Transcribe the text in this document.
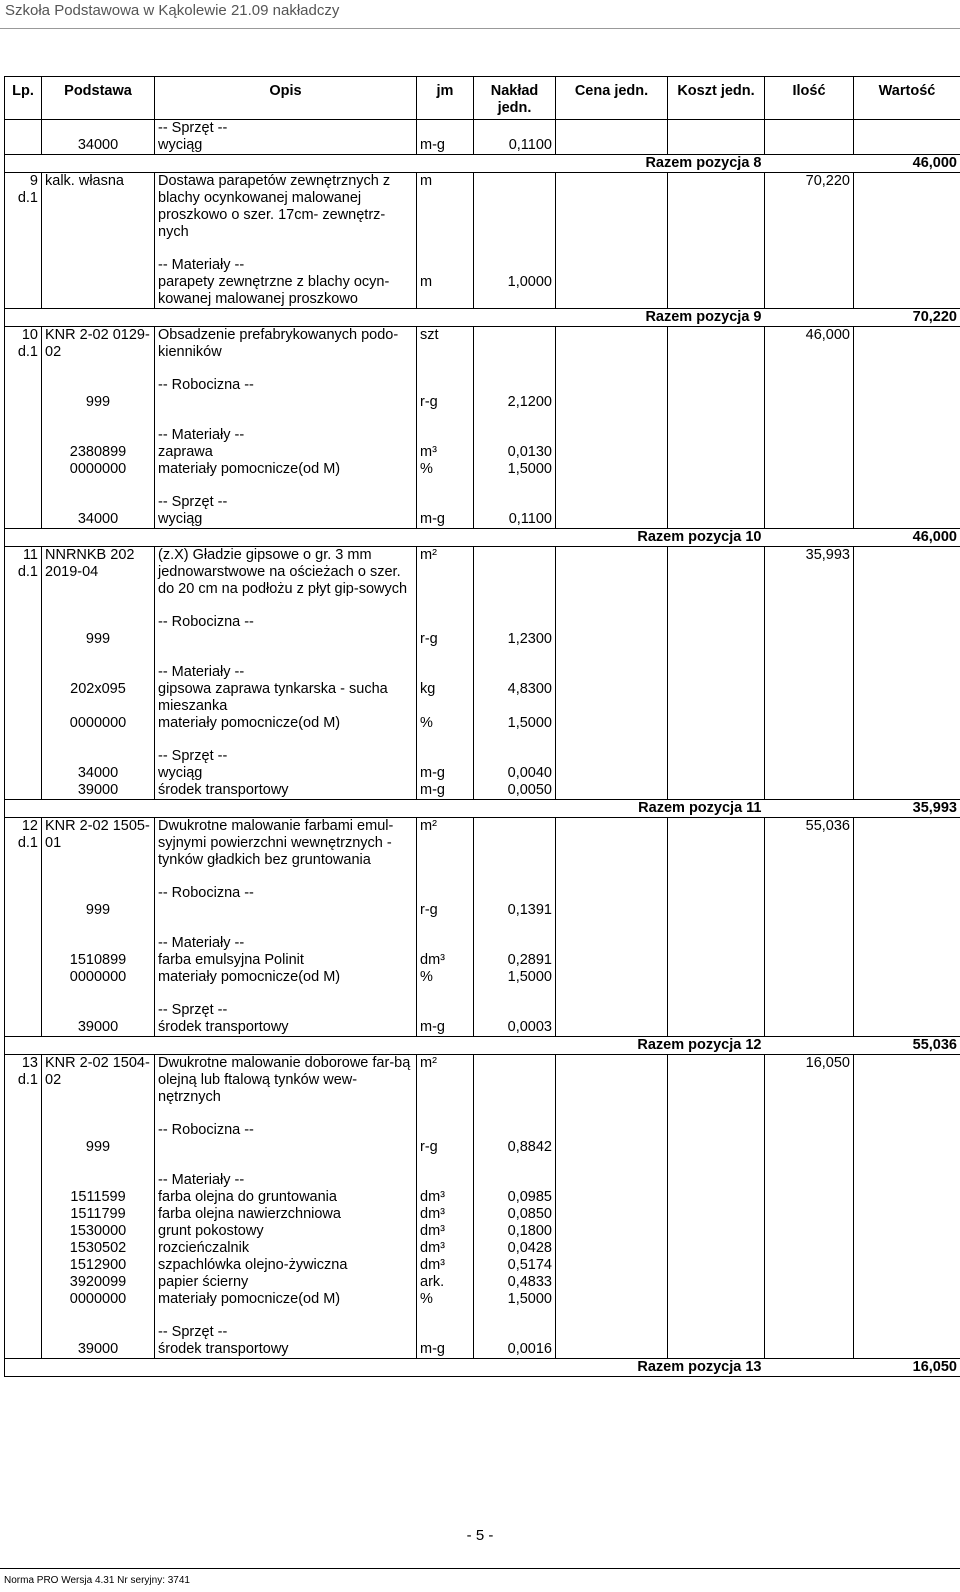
Szkoła Podstawowa w Kąkolewie 21.09 nakładczy
Lp.	Podstawa	Opis	jm	Nakład jedn.	Cena jedn.	Koszt jedn.	Ilość	Wartość
		-- Sprzęt --						
	34000	wyciąg	m-g	0,1100				
Razem pozycja 8							46,000	

9
d.1	kalk. własna	Dostawa parapetów zewnętrznych z blachy ocynkowanej malowanej proszkowo o szer. 17cm- zewnętrz-nych	m				70,220	

		-- Materiały --						
		parapety zewnętrzne z blachy ocyn-kowanej malowanej proszkowo	m	1,0000				
Razem pozycja 9							70,220	

10
d.1	KNR 2-02 0129-02	Obsadzenie prefabrykowanych podo-kienników	szt				46,000	

		-- Robocizna --						
	999		r-g	2,1200				

		-- Materiały --						
	2380899	zaprawa	m³	0,0130				
	0000000	materiały pomocnicze(od M)	%	1,5000				

		-- Sprzęt --						
	34000	wyciąg	m-g	0,1100				
Razem pozycja 10							46,000	

11
d.1	NNRNKB 202 2019-04	(z.X) Gładzie gipsowe o gr. 3 mm jednowarstwowe na ościeżach o szer. do 20 cm na podłożu z płyt gip-sowych	m²				35,993	

		-- Robocizna --						
	999		r-g	1,2300				

		-- Materiały --						
	202x095	gipsowa zaprawa tynkarska - sucha mieszanka	kg	4,8300				
	0000000	materiały pomocnicze(od M)	%	1,5000				

		-- Sprzęt --						
	34000	wyciąg	m-g	0,0040				
	39000	środek transportowy	m-g	0,0050				
Razem pozycja 11							35,993	

12
d.1	KNR 2-02 1505-01	Dwukrotne malowanie farbami emul-syjnymi powierzchni wewnętrznych - tynków gładkich bez gruntowania	m²				55,036	

		-- Robocizna --						
	999		r-g	0,1391				

		-- Materiały --						
	1510899	farba emulsyjna Polinit	dm³	0,2891				
	0000000	materiały pomocnicze(od M)	%	1,5000				

		-- Sprzęt --						
	39000	środek transportowy	m-g	0,0003				
Razem pozycja 12							55,036	

13
d.1	KNR 2-02 1504-02	Dwukrotne malowanie doborowe far-bą olejną lub ftalową tynków wew-nętrznych	m²				16,050	

		-- Robocizna --						
	999		r-g	0,8842				

		-- Materiały --						
	1511599	farba olejna do gruntowania	dm³	0,0985				
	1511799	farba olejna nawierzchniowa	dm³	0,0850				
	1530000	grunt pokostowy	dm³	0,1800				
	1530502	rozcieńczalnik	dm³	0,0428				
	1512900	szpachlówka olejno-żywiczna	dm³	0,5174				
	3920099	papier ścierny	ark.	0,4833				
	0000000	materiały pomocnicze(od M)	%	1,5000				

		-- Sprzęt --						
	39000	środek transportowy	m-g	0,0016				
Razem pozycja 13							16,050	
- 5 -
Norma PRO Wersja 4.31 Nr seryjny: 3741
